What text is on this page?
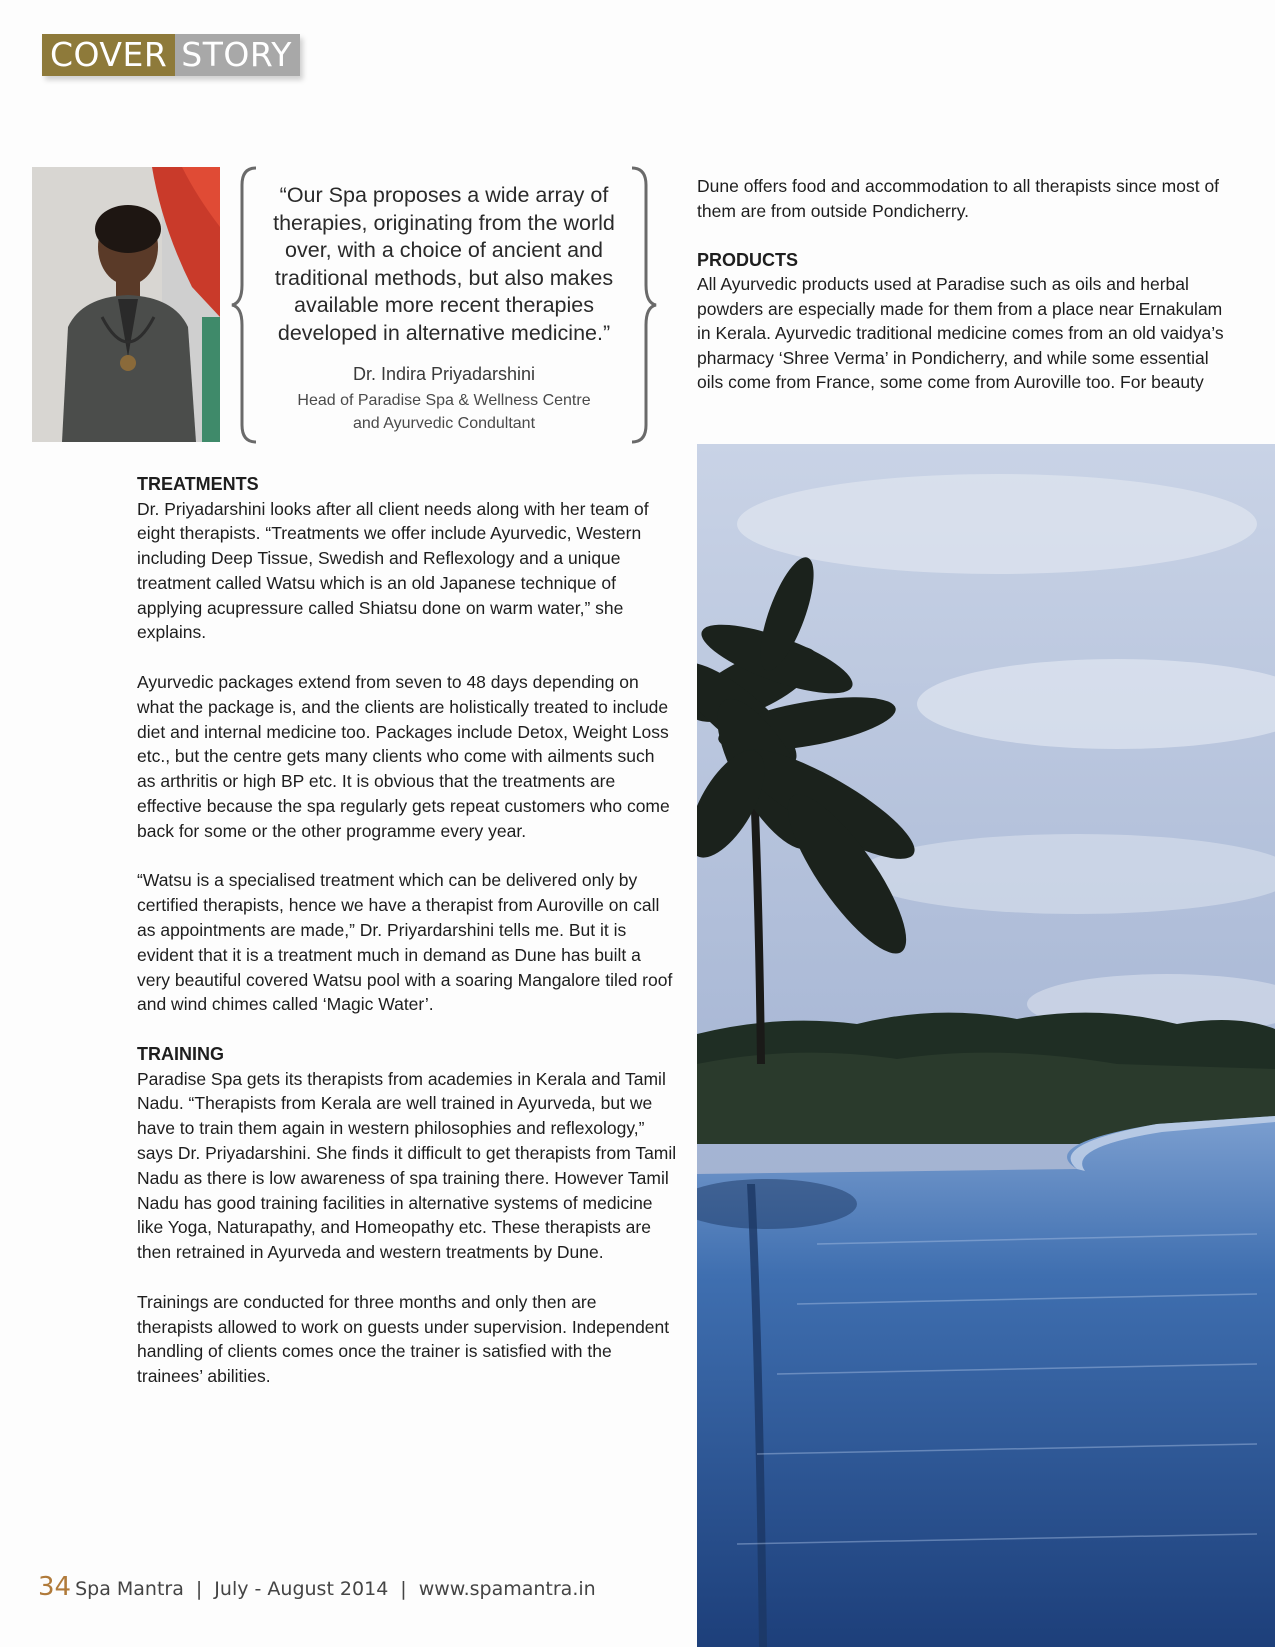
COVER STORY
“Our Spa proposes a wide array of therapies, originating from the world over, with a choice of ancient and traditional methods, but also makes available more recent therapies developed in alternative medicine.”
Dr. Indira Priyadarshini
Head of Paradise Spa & Wellness Centre
and Ayurvedic Condultant

Dune offers food and accommodation to all therapists since most of them are from outside Pondicherry.

PRODUCTS

All Ayurvedic products used at Paradise such as oils and herbal powders are especially made for them from a place near Ernakulam in Kerala. Ayurvedic traditional medicine comes from an old vaidya’s pharmacy ‘Shree Verma’ in Pondicherry, and while some essential oils come from France, some come from Auroville too. For beauty

TREATMENTS

Dr. Priyadarshini looks after all client needs along with her team of eight therapists. “Treatments we offer include Ayurvedic, Western including Deep Tissue, Swedish and Reflexology and a unique treatment called Watsu which is an old Japanese technique of applying acupressure called Shiatsu done on warm water,” she explains.

Ayurvedic packages extend from seven to 48 days depending on what the package is, and the clients are holistically treated to include diet and internal medicine too. Packages include Detox, Weight Loss etc., but the centre gets many clients who come with ailments such as arthritis or high BP etc. It is obvious that the treatments are effective because the spa regularly gets repeat customers who come back for some or the other programme every year.

“Watsu is a specialised treatment which can be delivered only by certified therapists, hence we have a therapist from Auroville on call as appointments are made,” Dr. Priyardarshini tells me. But it is evident that it is a treatment much in demand as Dune has built a very beautiful covered Watsu pool with a soaring Mangalore tiled roof and wind chimes called ‘Magic Water’.

TRAINING

Paradise Spa gets its therapists from academies in Kerala and Tamil Nadu. “Therapists from Kerala are well trained in Ayurveda, but we have to train them again in western philosophies and reflexology,” says Dr. Priyadarshini. She finds it difficult to get therapists from Tamil Nadu as there is low awareness of spa training there. However Tamil Nadu has good training facilities in alternative systems of medicine like Yoga, Naturapathy, and Homeopathy etc. These therapists are then retrained in Ayurveda and western treatments by Dune.

Trainings are conducted for three months and only then are therapists allowed to work on guests under supervision. Independent handling of clients comes once the trainer is satisfied with the trainees’ abilities.

34 Spa Mantra | July - August 2014 | www.spamantra.in
